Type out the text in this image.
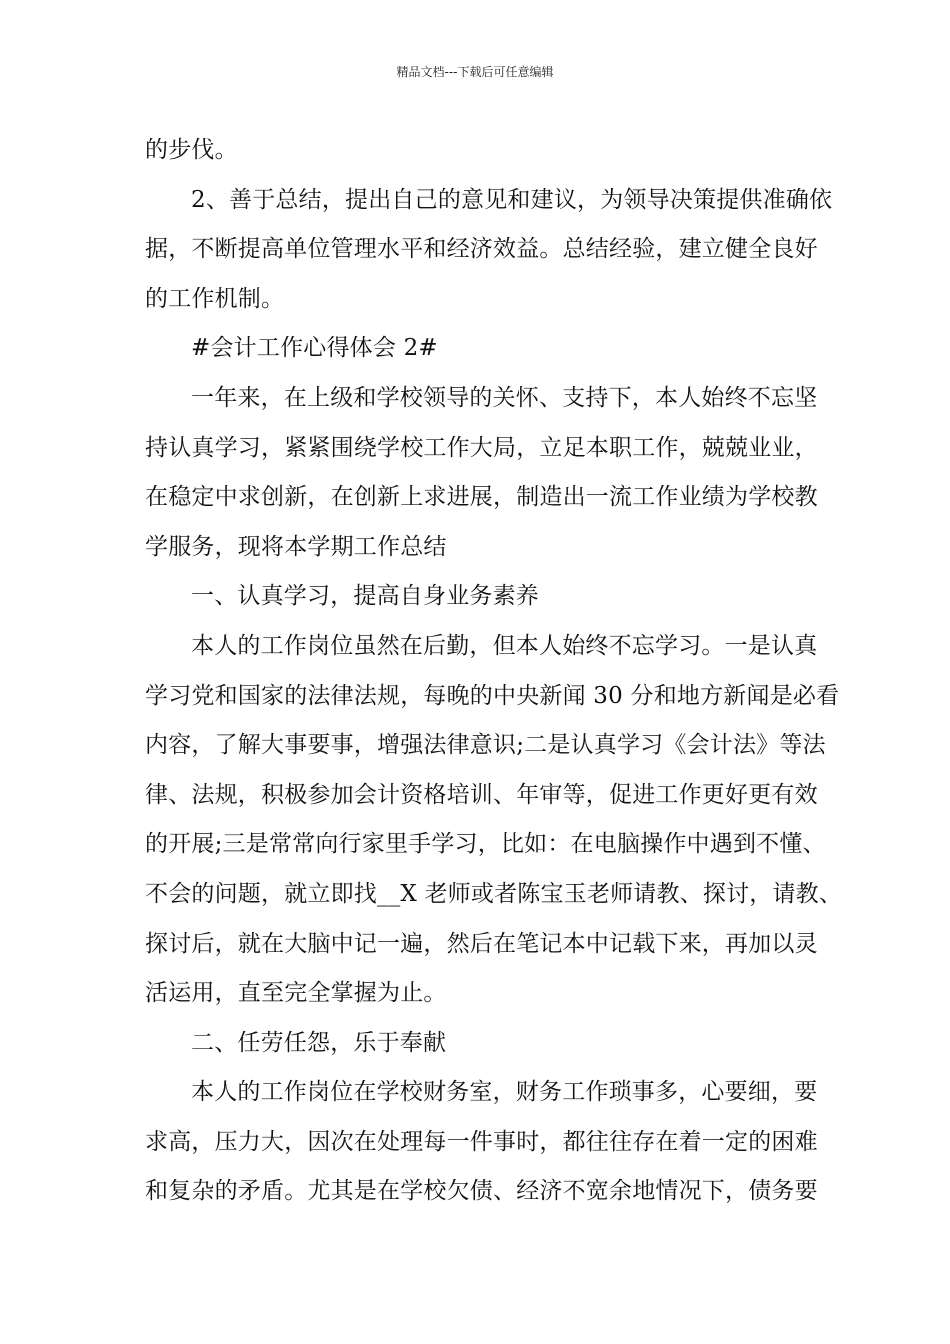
精品文档---下载后可任意编辑
的步伐。
2、善于总结，提出自己的意见和建议，为领导决策提供准确依
据，不断提高单位管理水平和经济效益。总结经验，建立健全良好
的工作机制。
#会计工作心得体会 2#
一年来，在上级和学校领导的关怀、支持下，本人始终不忘坚
持认真学习，紧紧围绕学校工作大局，立足本职工作，兢兢业业，
在稳定中求创新，在创新上求进展，制造出一流工作业绩为学校教
学服务，现将本学期工作总结
一、认真学习，提高自身业务素养
本人的工作岗位虽然在后勤，但本人始终不忘学习。一是认真
学习党和国家的法律法规，每晚的中央新闻 30 分和地方新闻是必看
内容，了解大事要事，增强法律意识;二是认真学习《会计法》等法
律、法规，积极参加会计资格培训、年审等，促进工作更好更有效
的开展;三是常常向行家里手学习，比如：在电脑操作中遇到不懂、
不会的问题，就立即找__X 老师或者陈宝玉老师请教、探讨，请教、
探讨后，就在大脑中记一遍，然后在笔记本中记载下来，再加以灵
活运用，直至完全掌握为止。
二、任劳任怨，乐于奉献
本人的工作岗位在学校财务室，财务工作琐事多，心要细，要
求高，压力大，因次在处理每一件事时，都往往存在着一定的困难
和复杂的矛盾。尤其是在学校欠债、经济不宽余地情况下，债务要
